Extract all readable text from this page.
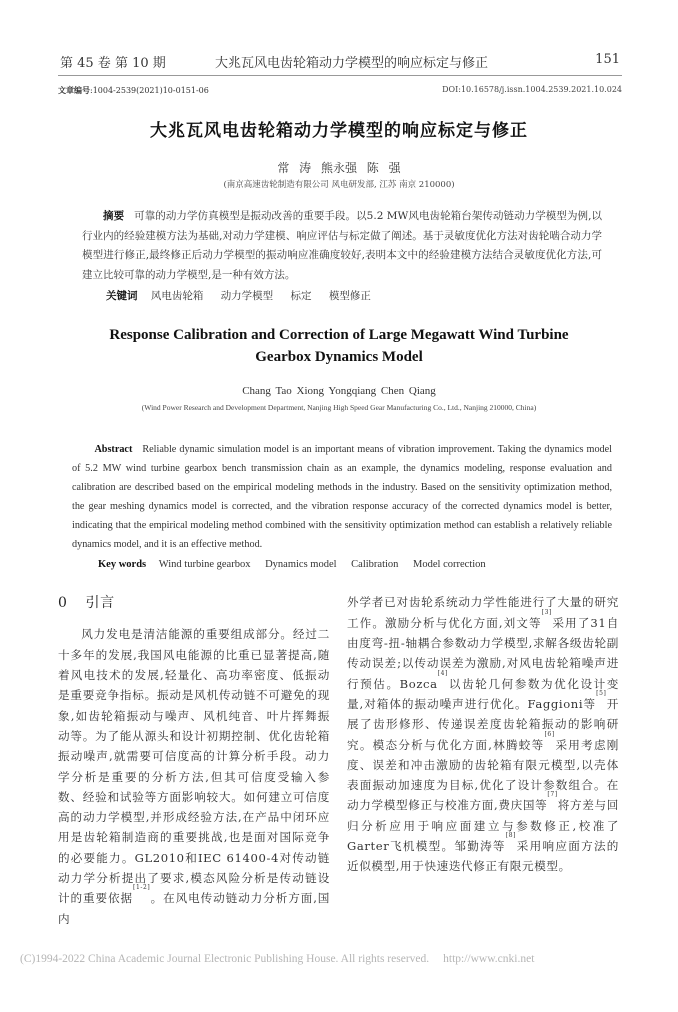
第 45 卷 第 10 期	大兆瓦风电齿轮箱动力学模型的响应标定与修正	151
文章编号:1004-2539(2021)10-0151-06	DOI:10.16578/j.issn.1004.2539.2021.10.024
大兆瓦风电齿轮箱动力学模型的响应标定与修正
常 涛 熊永强 陈 强
(南京高速齿轮制造有限公司 风电研发部, 江苏 南京 210000)
摘要 可靠的动力学仿真模型是振动改善的重要手段。以5.2 MW风电齿轮箱台架传动链动力学模型为例,以行业内的经验建模方法为基础,对动力学建模、响应评估与标定做了阐述。基于灵敏度优化方法对齿轮啮合动力学模型进行修正,最终修正后动力学模型的振动响应准确度较好,表明本文中的经验建模方法结合灵敏度优化方法,可建立比较可靠的动力学模型,是一种有效方法。
关键词 风电齿轮箱 动力学模型 标定 模型修正
Response Calibration and Correction of Large Megawatt Wind Turbine
Gearbox Dynamics Model
Chang Tao Xiong Yongqiang Chen Qiang
(Wind Power Research and Development Department, Nanjing High Speed Gear Manufacturing Co., Ltd., Nanjing 210000, China)
Abstract Reliable dynamic simulation model is an important means of vibration improvement. Taking the dynamics model of 5.2 MW wind turbine gearbox bench transmission chain as an example, the dynamics modeling, response evaluation and calibration are described based on the empirical modeling methods in the industry. Based on the sensitivity optimization method, the gear meshing dynamics model is corrected, and the vibration response accuracy of the corrected dynamics model is better, indicating that the empirical modeling method combined with the sensitivity optimization method can establish a relatively reliable dynamics model, and it is an effective method.
Key words Wind turbine gearbox Dynamics model Calibration Model correction
0 引言
风力发电是清洁能源的重要组成部分。经过二十多年的发展,我国风电能源的比重已显著提高,随着风电技术的发展,轻量化、高功率密度、低振动是重要竞争指标。振动是风机传动链不可避免的现象,如齿轮箱振动与噪声、风机纯音、叶片挥舞振动等。为了能从源头和设计初期控制、优化齿轮箱振动噪声,就需要可信度高的计算分析手段。动力学分析是重要的分析方法,但其可信度受输入参数、经验和试验等方面影响较大。如何建立可信度高的动力学模型,并形成经验方法,在产品中闭环应用是齿轮箱制造商的重要挑战,也是面对国际竞争的必要能力。GL2010和IEC 61400-4对传动链动力学分析提出了要求,模态风险分析是传动链设计的重要依据[1-2]。在风电传动链动力分析方面,国内
外学者已对齿轮系统动力学性能进行了大量的研究工作。激励分析与优化方面,刘文等[3]采用了31自由度弯-扭-轴耦合参数动力学模型,求解各级齿轮副传动误差;以传动误差为激励,对风电齿轮箱噪声进行预估。Bozca[4]以齿轮几何参数为优化设计变量,对箱体的振动噪声进行优化。Faggioni等[5]开展了齿形修形、传递误差度齿轮箱振动的影响研究。模态分析与优化方面,林腾蛟等[6]采用考虑刚度、误差和冲击激励的齿轮箱有限元模型,以壳体表面振动加速度为目标,优化了设计参数组合。在动力学模型修正与校准方面,费庆国等[7]将方差与回归分析应用于响应面建立与参数修正,校准了Garter飞机模型。邹勤涛等[8]采用响应面方法的近似模型,用于快速迭代修正有限元模型。
(C)1994-2022 China Academic Journal Electronic Publishing House. All rights reserved. http://www.cnki.net
